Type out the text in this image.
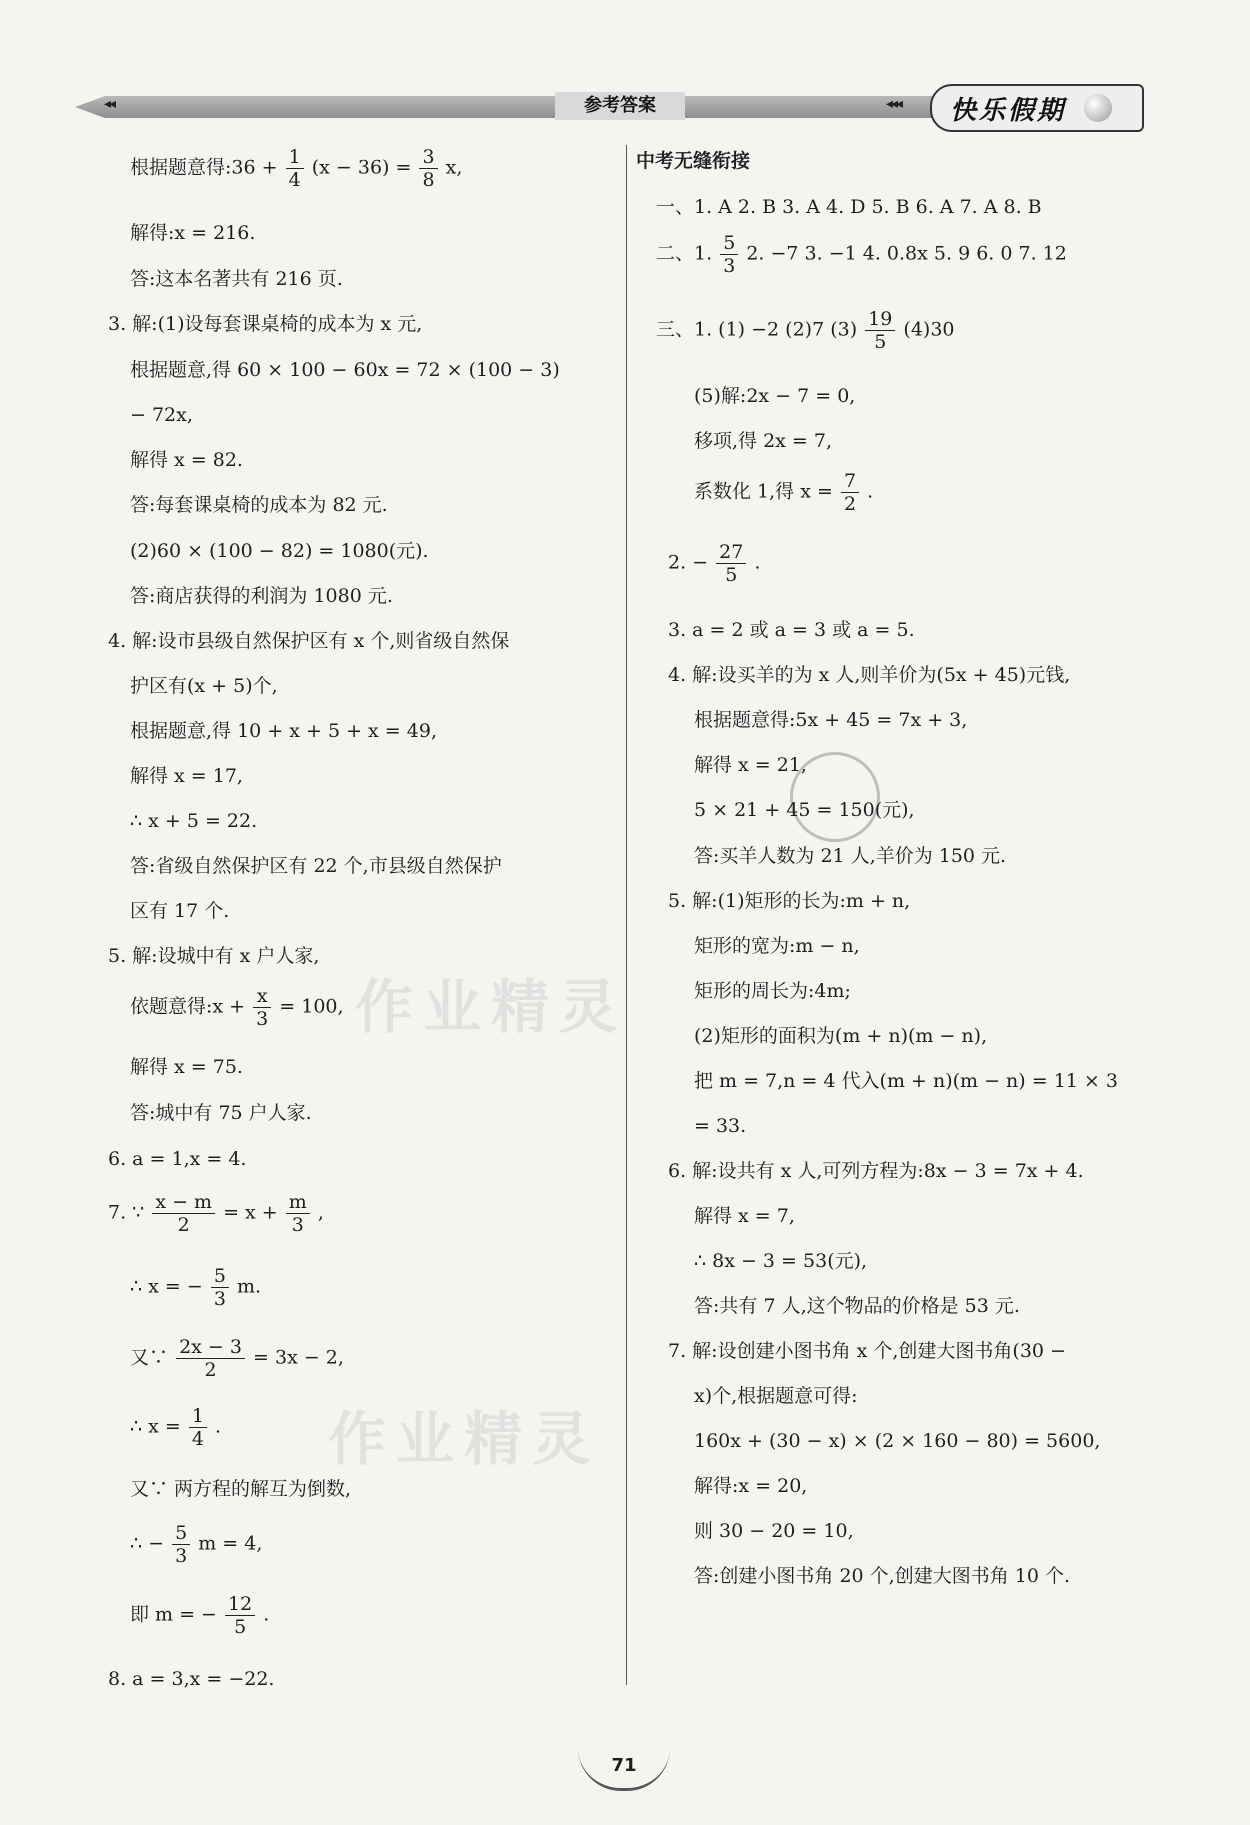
◂◂	参考答案	◂◂◂ 快乐假期
作业精灵
作业精灵
根据题意得:36 + $\frac{1}{4} (x - 36) = \frac{3}{8} x$,
解得:x = 216.
答:这本名著共有 216 页.
3. 解:(1)设每套课桌椅的成本为 x 元,
根据题意,得 60 × 100 − 60x = 72 × (100 − 3)
− 72x,
解得 x = 82.
答:每套课桌椅的成本为 82 元.
(2)60 × (100 − 82) = 1080(元).
答:商店获得的利润为 1080 元.
4. 解:设市县级自然保护区有 x 个,则省级自然保
护区有(x + 5)个,
根据题意,得 10 + x + 5 + x = 49,
解得 x = 17,
∴ x + 5 = 22.
答:省级自然保护区有 22 个,市县级自然保护
区有 17 个.
5. 解:设城中有 x 户人家,
依题意得:x + $\frac{x}{3} = 100$,
解得 x = 75.
答:城中有 75 户人家.
6. a = 1,x = 4.
7. ∵ $\frac{x - m}{2} = x + \frac{m}{3}$ ,
∴ x = − $\frac{5}{3} m$.
又∵ $\frac{2x - 3}{2} = 3x - 2$,
∴ $x = \frac{1}{4}$ .
又∵ 两方程的解互为倒数,
∴ − $\frac{5}{3}$ m = 4,
即 m = − $\frac{12}{5}$ .
8. a = 3,x = −22.
中考无缝衔接
一、1. A 2. B 3. A 4. D 5. B 6. A 7. A 8. B
二、1. $\frac{5}{3} 2$. −7 3. −1 4. 0.8x 5. 9 6. 0 7. 12
三、1. (1) −2 (2)7 $(3) \frac{19}{5} (4)30$
(5)解:2x − 7 = 0,
移项,得 2x = 7,
系数化 1,得 $x = \frac{7}{2}$ .
2. − $\frac{27}{5}$ .
3. a = 2 或 a = 3 或 a = 5.
4. 解:设买羊的为 x 人,则羊价为(5x + 45)元钱,
根据题意得:5x + 45 = 7x + 3,
解得 x = 21,
5 × 21 + 45 = 150(元),
答:买羊人数为 21 人,羊价为 150 元.
5. 解:(1)矩形的长为:m + n,
矩形的宽为:m − n,
矩形的周长为:4m;
(2)矩形的面积为(m + n)(m − n),
把 m = 7,n = 4 代入(m + n)(m − n) = 11 × 3
= 33.
6. 解:设共有 x 人,可列方程为:8x − 3 = 7x + 4.
解得 x = 7,
∴ 8x − 3 = 53(元),
答:共有 7 人,这个物品的价格是 53 元.
7. 解:设创建小图书角 x 个,创建大图书角(30 −
x)个,根据题意可得:
160x + (30 − x) × (2 × 160 − 80) = 5600,
解得:x = 20,
则 30 − 20 = 10,
答:创建小图书角 20 个,创建大图书角 10 个.
71
